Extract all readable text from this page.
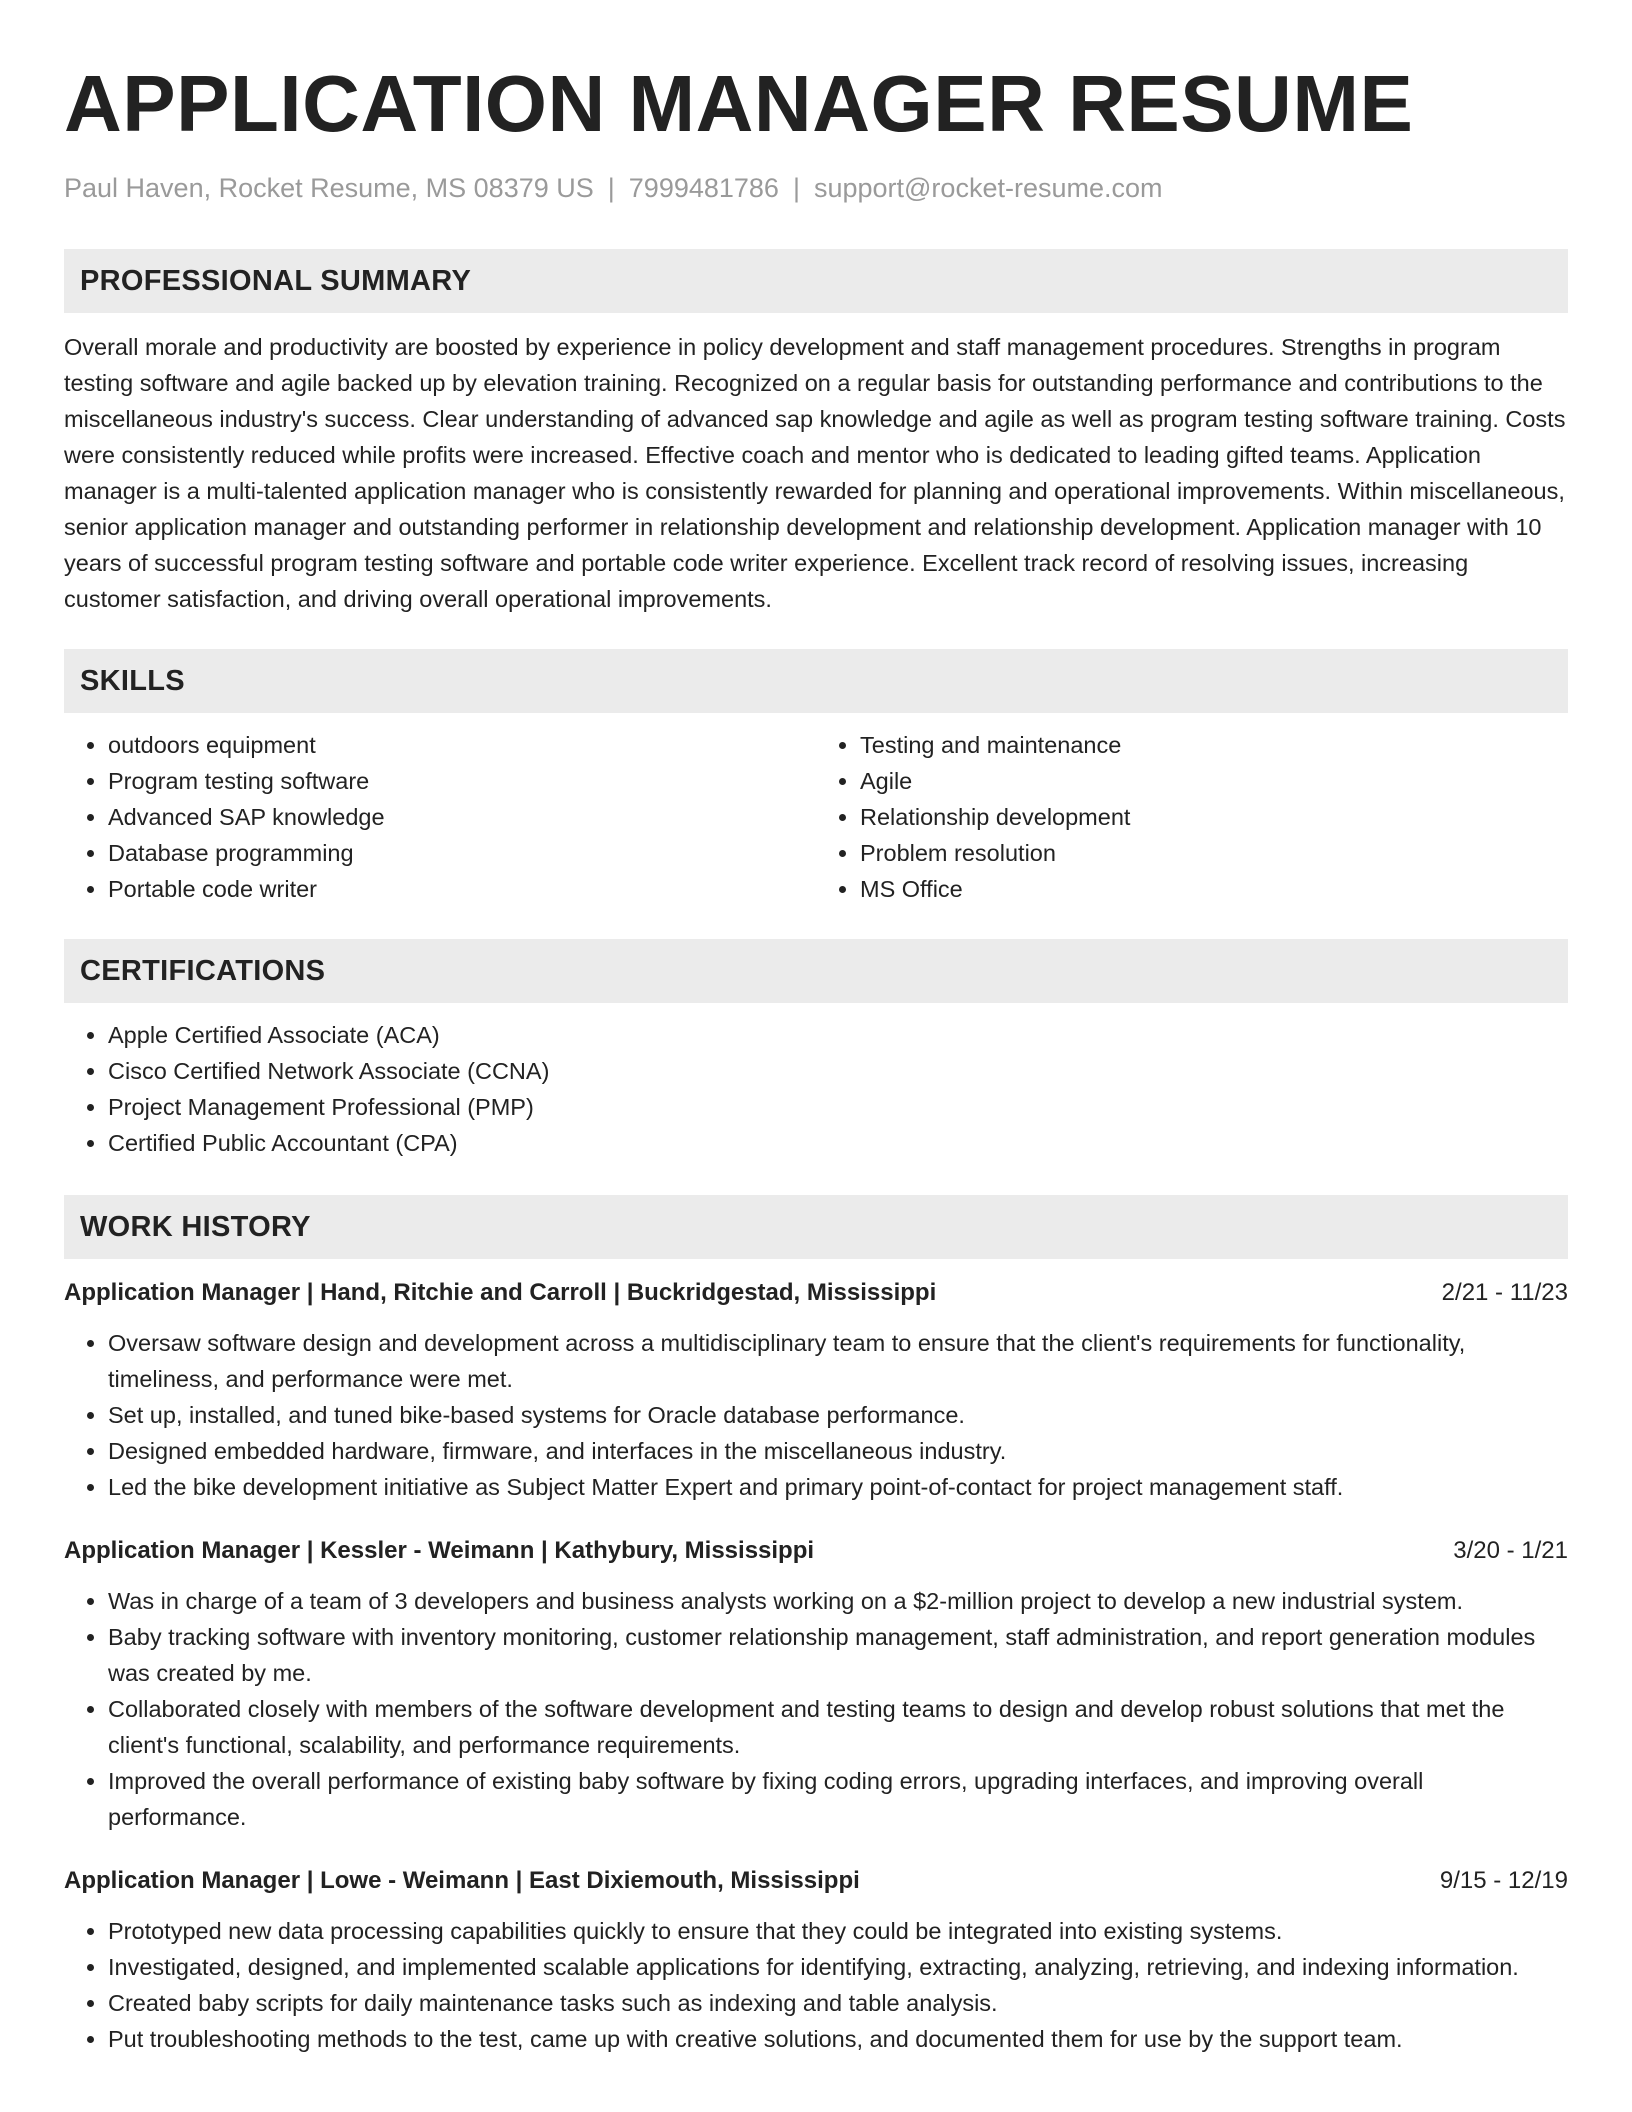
APPLICATION MANAGER RESUME
Paul Haven, Rocket Resume, MS 08379 US | 7999481786 | support@rocket-resume.com
PROFESSIONAL SUMMARY

Overall morale and productivity are boosted by experience in policy development and staff management procedures. Strengths in program testing software and agile backed up by elevation training. Recognized on a regular basis for outstanding performance and contributions to the miscellaneous industry's success. Clear understanding of advanced sap knowledge and agile as well as program testing software training. Costs were consistently reduced while profits were increased. Effective coach and mentor who is dedicated to leading gifted teams. Application manager is a multi-talented application manager who is consistently rewarded for planning and operational improvements. Within miscellaneous, senior application manager and outstanding performer in relationship development and relationship development. Application manager with 10 years of successful program testing software and portable code writer experience. Excellent track record of resolving issues, increasing customer satisfaction, and driving overall operational improvements.

SKILLS
• outdoors equipment
• Program testing software
• Advanced SAP knowledge
• Database programming
• Portable code writer
• Testing and maintenance
• Agile
• Relationship development
• Problem resolution
• MS Office
CERTIFICATIONS
• Apple Certified Associate (ACA)
• Cisco Certified Network Associate (CCNA)
• Project Management Professional (PMP)
• Certified Public Accountant (CPA)
WORK HISTORY
Application Manager | Hand, Ritchie and Carroll | Buckridgestad, Mississippi	2/21 - 11/23
• Oversaw software design and development across a multidisciplinary team to ensure that the client's requirements for functionality, timeliness, and performance were met.
• Set up, installed, and tuned bike-based systems for Oracle database performance.
• Designed embedded hardware, firmware, and interfaces in the miscellaneous industry.
• Led the bike development initiative as Subject Matter Expert and primary point-of-contact for project management staff.
Application Manager | Kessler - Weimann | Kathybury, Mississippi	3/20 - 1/21
• Was in charge of a team of 3 developers and business analysts working on a $2-million project to develop a new industrial system.
• Baby tracking software with inventory monitoring, customer relationship management, staff administration, and report generation modules was created by me.
• Collaborated closely with members of the software development and testing teams to design and develop robust solutions that met the client's functional, scalability, and performance requirements.
• Improved the overall performance of existing baby software by fixing coding errors, upgrading interfaces, and improving overall performance.
Application Manager | Lowe - Weimann | East Dixiemouth, Mississippi	9/15 - 12/19
• Prototyped new data processing capabilities quickly to ensure that they could be integrated into existing systems.
• Investigated, designed, and implemented scalable applications for identifying, extracting, analyzing, retrieving, and indexing information.
• Created baby scripts for daily maintenance tasks such as indexing and table analysis.
• Put troubleshooting methods to the test, came up with creative solutions, and documented them for use by the support team.
